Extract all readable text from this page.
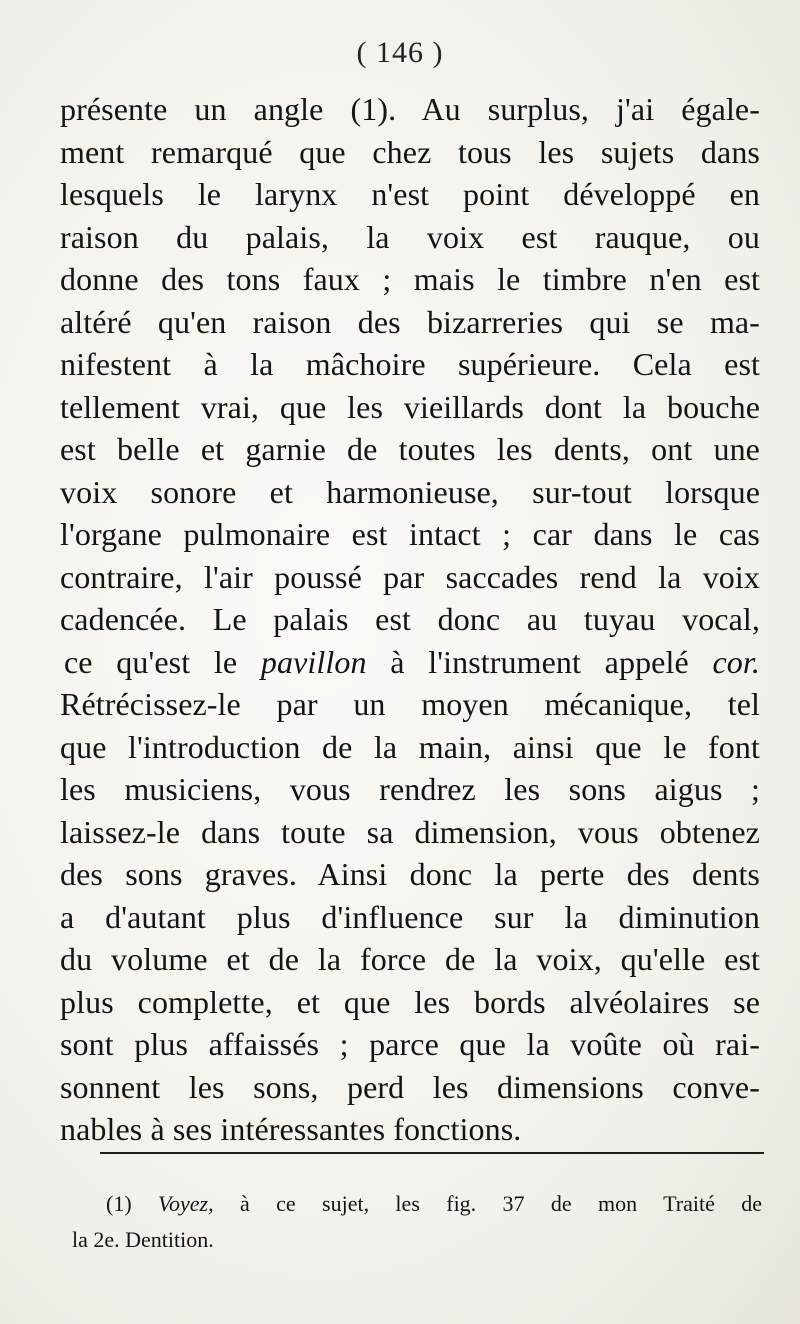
( 146 )
présente un angle (1). Au surplus, j'ai égale-
ment remarqué que chez tous les sujets dans
lesquels le larynx n'est point développé en
raison du palais, la voix est rauque, ou
donne des tons faux ; mais le timbre n'en est
altéré qu'en raison des bizarreries qui se ma-
nifestent à la mâchoire supérieure. Cela est
tellement vrai, que les vieillards dont la bouche
est belle et garnie de toutes les dents, ont une
voix sonore et harmonieuse, sur-tout lorsque
l'organe pulmonaire est intact ; car dans le cas
contraire, l'air poussé par saccades rend la voix
cadencée. Le palais est donc au tuyau vocal,
ce qu'est le pavillon à l'instrument appelé cor.
Rétrécissez-le par un moyen mécanique, tel
que l'introduction de la main, ainsi que le font
les musiciens, vous rendrez les sons aigus ;
laissez-le dans toute sa dimension, vous obtenez
des sons graves. Ainsi donc la perte des dents
a d'autant plus d'influence sur la diminution
du volume et de la force de la voix, qu'elle est
plus complette, et que les bords alvéolaires se
sont plus affaissés ; parce que la voûte où rai-
sonnent les sons, perd les dimensions conve-
nables à ses intéressantes fonctions.
(1) Voyez, à ce sujet, les fig. 37 de mon Traité de
la 2e. Dentition.
